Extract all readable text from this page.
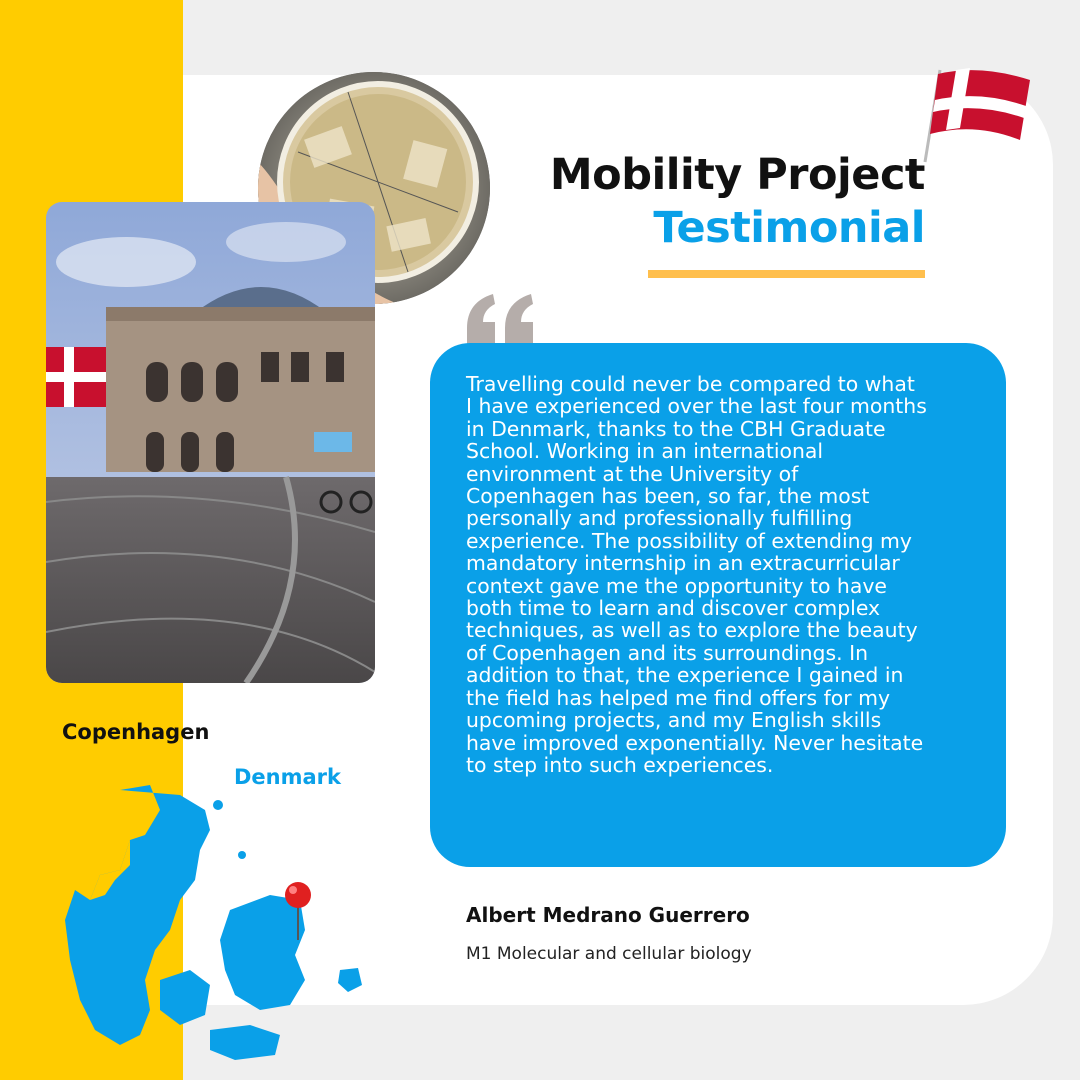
Mobility Project
Testimonial
Travelling could never be compared to what
I have experienced over the last four months
in Denmark, thanks to the CBH Graduate
School. Working in an international
environment at the University of
Copenhagen has been, so far, the most
personally and professionally fulfilling
experience. The possibility of extending my
mandatory internship in an extracurricular
context gave me the opportunity to have
both time to learn and discover complex
techniques, as well as to explore the beauty
of Copenhagen and its surroundings. In
addition to that, the experience I gained in
the field has helped me find offers for my
upcoming projects, and my English skills
have improved exponentially. Never hesitate
to step into such experiences.
Albert Medrano Guerrero
M1 Molecular and cellular biology
Copenhagen
Denmark
